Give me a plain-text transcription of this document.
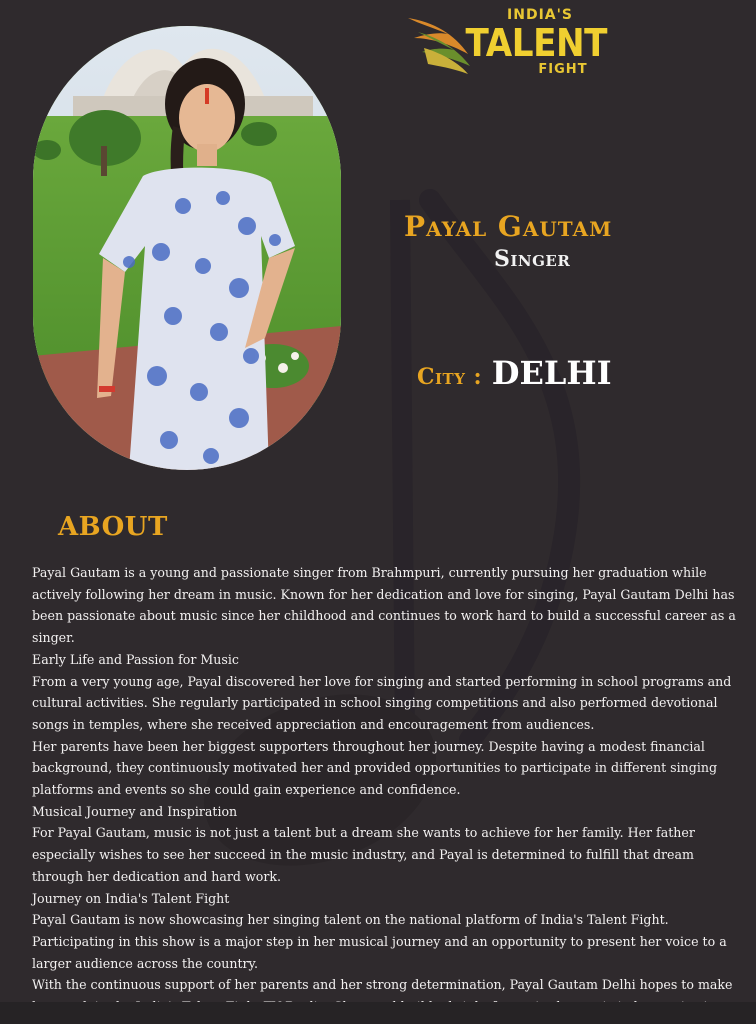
INDIA'S
TALENT
FIGHT
Payal Gautam
Singer
City : DELHI
ABOUT

Payal Gautam is a young and passionate singer from Brahmpuri, currently pursuing her graduation while actively following her dream in music. Known for her dedication and love for singing, Payal Gautam Delhi has been passionate about music since her childhood and continues to work hard to build a successful career as a singer.

Early Life and Passion for Music

From a very young age, Payal discovered her love for singing and started performing in school programs and cultural activities. She regularly participated in school singing competitions and also performed devotional songs in temples, where she received appreciation and encouragement from audiences.

Her parents have been her biggest supporters throughout her journey. Despite having a modest financial background, they continuously motivated her and provided opportunities to participate in different singing platforms and events so she could gain experience and confidence.

Musical Journey and Inspiration

For Payal Gautam, music is not just a talent but a dream she wants to achieve for her family. Her father especially wishes to see her succeed in the music industry, and Payal is determined to fulfill that dream through her dedication and hard work.

Journey on India's Talent Fight

Payal Gautam is now showcasing her singing talent on the national platform of India's Talent Fight. Participating in this show is a major step in her musical journey and an opportunity to present her voice to a larger audience across the country.

With the continuous support of her parents and her strong determination, Payal Gautam Delhi hopes to make
